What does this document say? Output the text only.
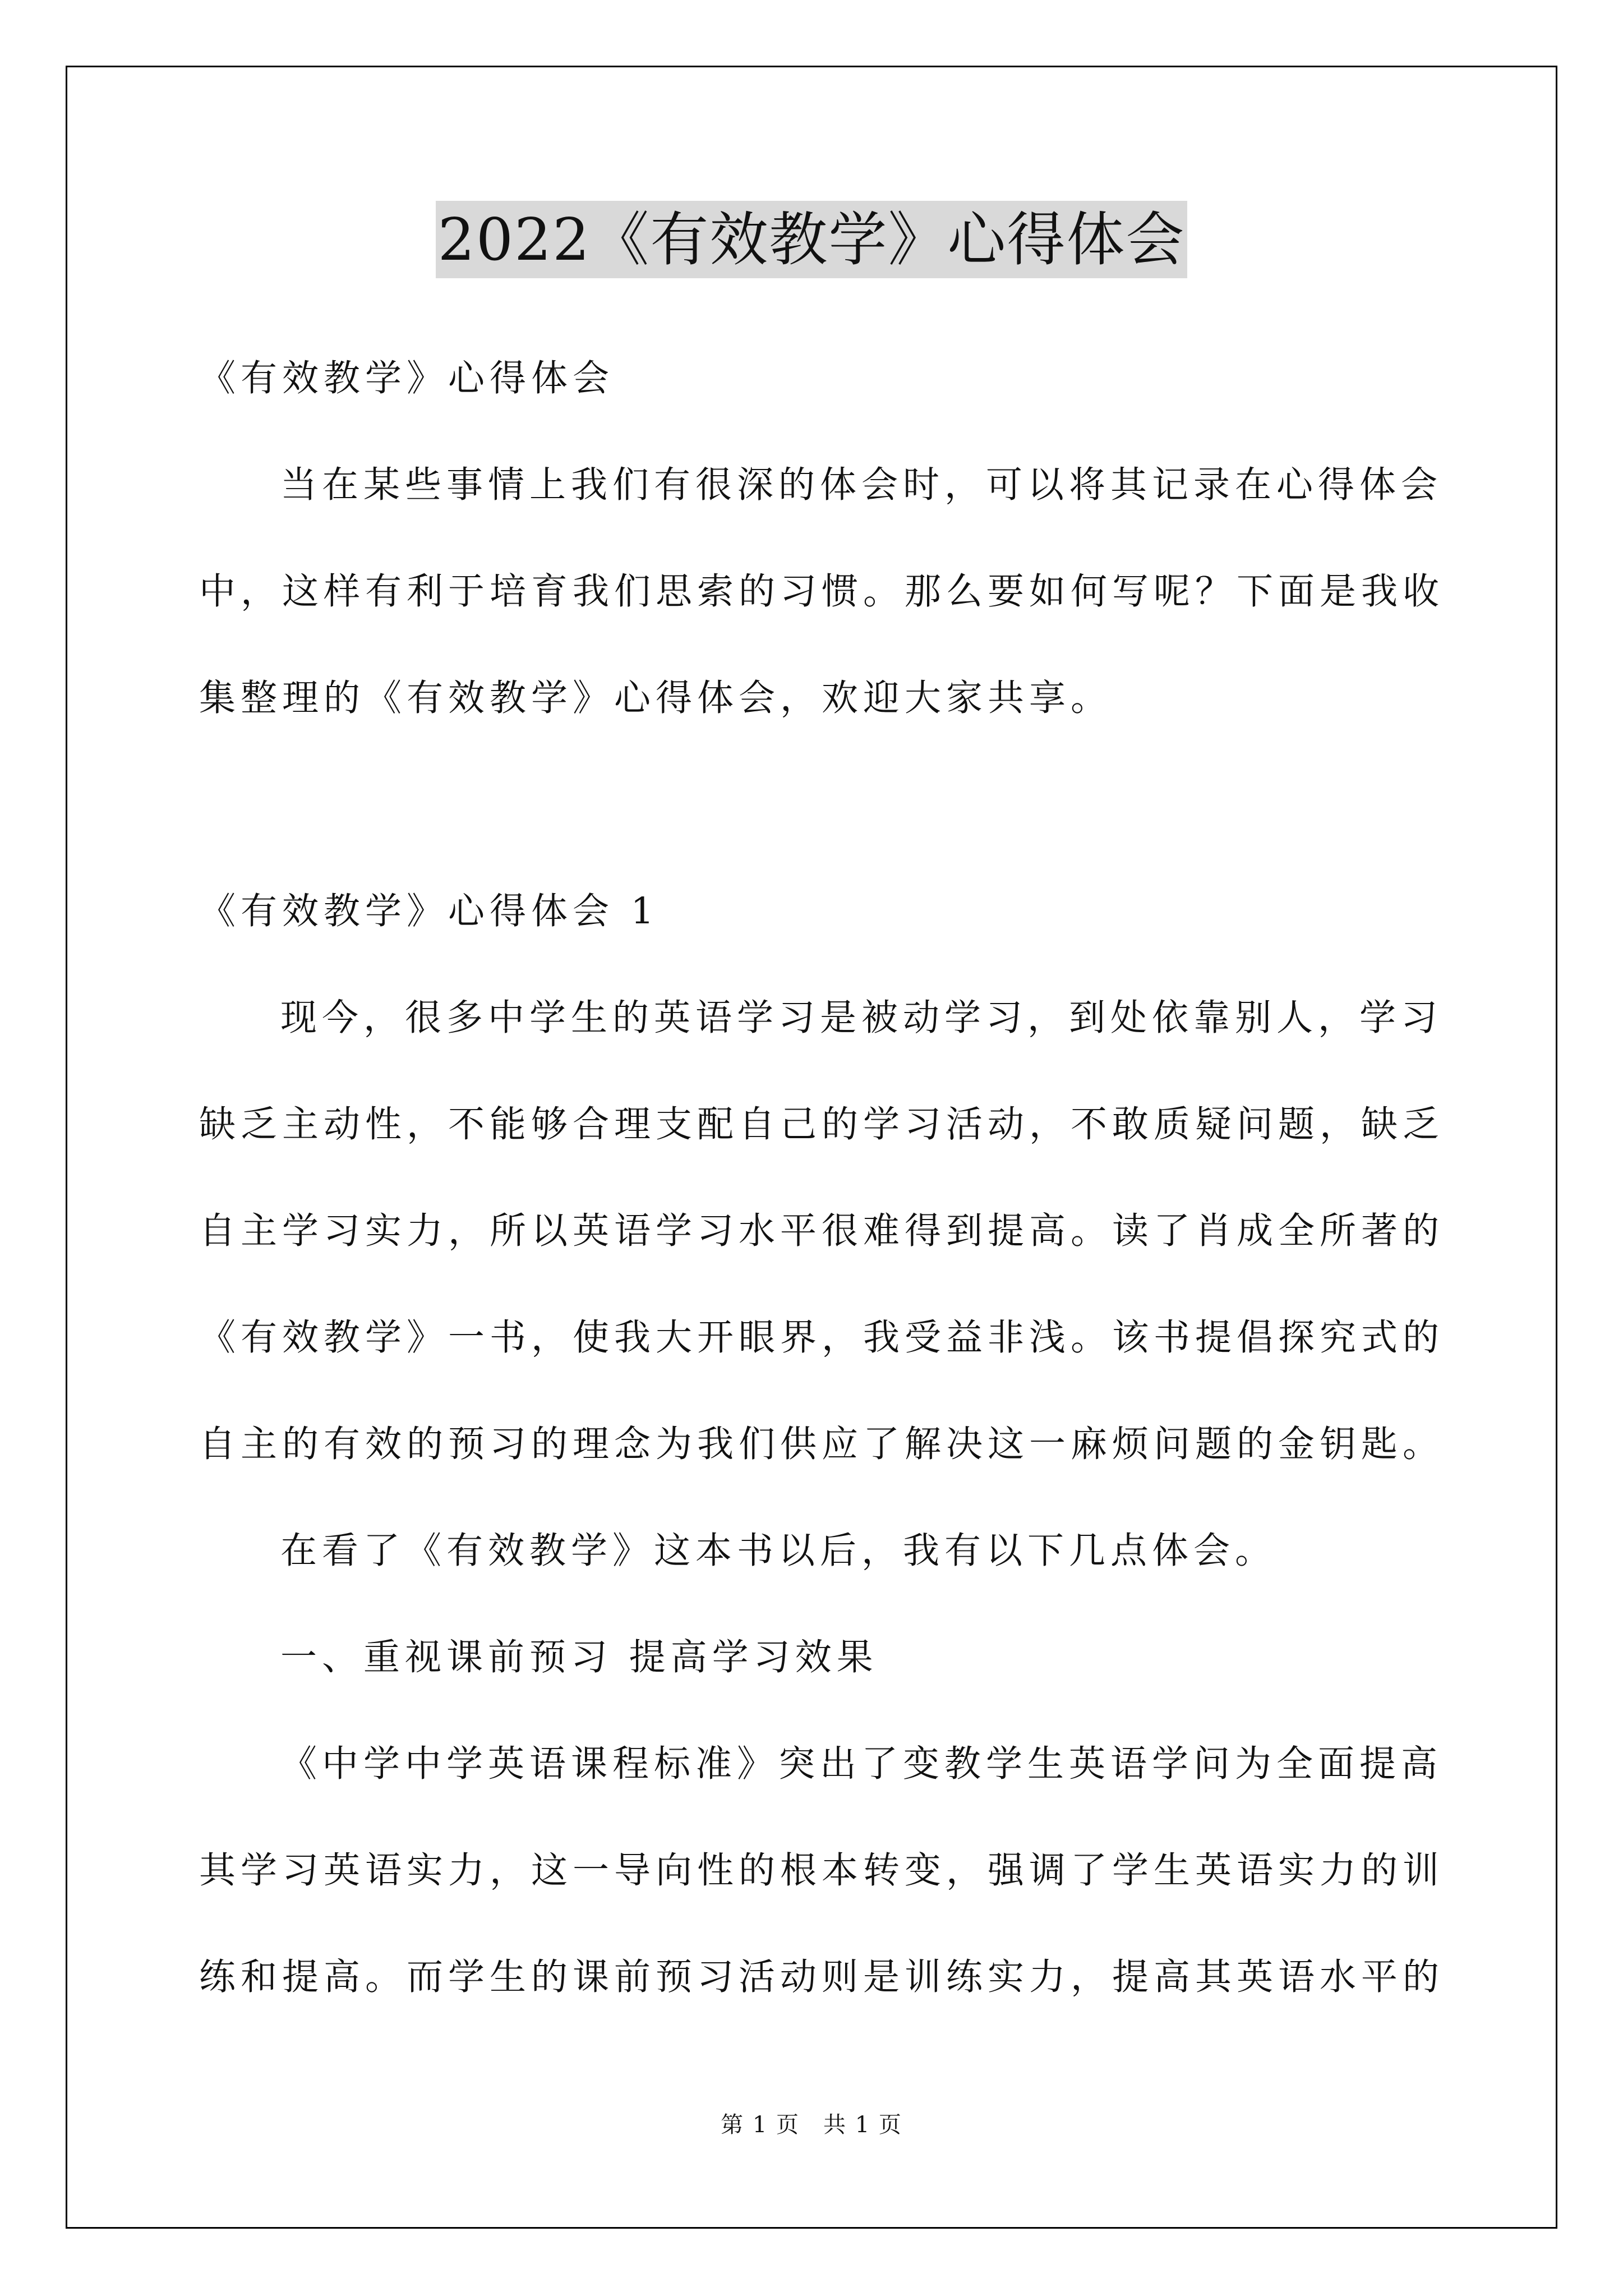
2022《有效教学》心得体会
《有效教学》心得体会
当在某些事情上我们有很深的体会时，可以将其记录在心得体会
中，这样有利于培育我们思索的习惯。那么要如何写呢？下面是我收
集整理的《有效教学》心得体会，欢迎大家共享。
《有效教学》心得体会 1
现今，很多中学生的英语学习是被动学习，到处依靠别人，学习
缺乏主动性，不能够合理支配自己的学习活动，不敢质疑问题，缺乏
自主学习实力，所以英语学习水平很难得到提高。读了肖成全所著的
《有效教学》一书，使我大开眼界，我受益非浅。该书提倡探究式的
自主的有效的预习的理念为我们供应了解决这一麻烦问题的金钥匙。
在看了《有效教学》这本书以后，我有以下几点体会。
一、重视课前预习 提高学习效果
《中学中学英语课程标准》突出了变教学生英语学问为全面提高
其学习英语实力，这一导向性的根本转变，强调了学生英语实力的训
练和提高。而学生的课前预习活动则是训练实力，提高其英语水平的
第 1 页　共 1 页
